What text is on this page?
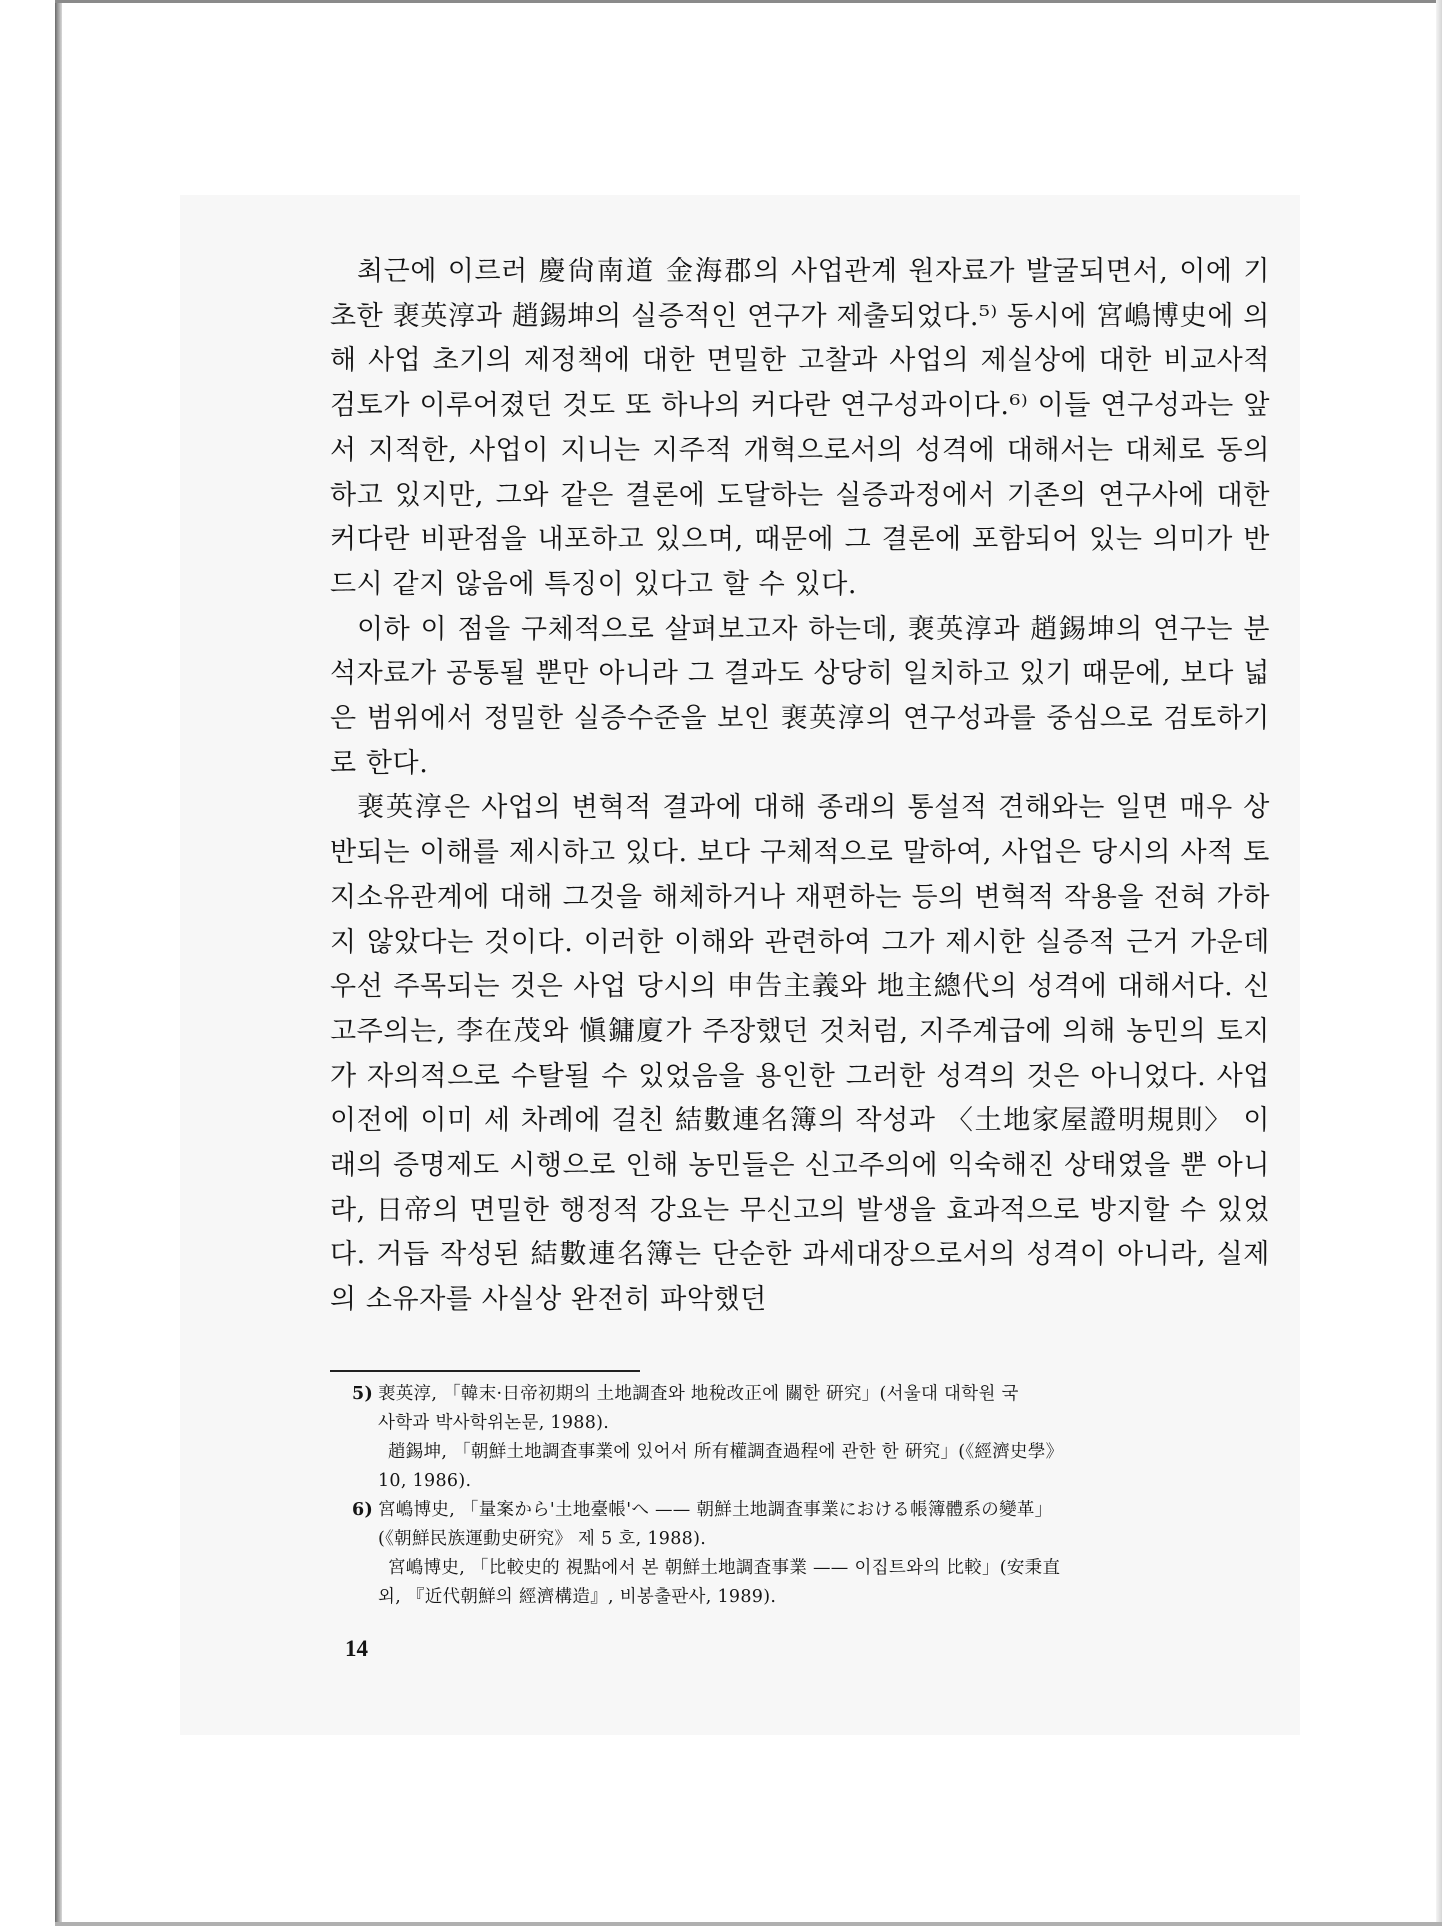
최근에 이르러 慶尙南道 金海郡의 사업관계 원자료가 발굴되면서, 이에 기초한 裵英淳과 趙錫坤의 실증적인 연구가 제출되었다.⁵⁾ 동시에 宮嶋博史에 의해 사업 초기의 제정책에 대한 면밀한 고찰과 사업의 제실상에 대한 비교사적 검토가 이루어졌던 것도 또 하나의 커다란 연구성과이다.⁶⁾ 이들 연구성과는 앞서 지적한, 사업이 지니는 지주적 개혁으로서의 성격에 대해서는 대체로 동의하고 있지만, 그와 같은 결론에 도달하는 실증과정에서 기존의 연구사에 대한 커다란 비판점을 내포하고 있으며, 때문에 그 결론에 포함되어 있는 의미가 반드시 같지 않음에 특징이 있다고 할 수 있다.

이하 이 점을 구체적으로 살펴보고자 하는데, 裵英淳과 趙錫坤의 연구는 분석자료가 공통될 뿐만 아니라 그 결과도 상당히 일치하고 있기 때문에, 보다 넓은 범위에서 정밀한 실증수준을 보인 裵英淳의 연구성과를 중심으로 검토하기로 한다.

裵英淳은 사업의 변혁적 결과에 대해 종래의 통설적 견해와는 일면 매우 상반되는 이해를 제시하고 있다. 보다 구체적으로 말하여, 사업은 당시의 사적 토지소유관계에 대해 그것을 해체하거나 재편하는 등의 변혁적 작용을 전혀 가하지 않았다는 것이다. 이러한 이해와 관련하여 그가 제시한 실증적 근거 가운데 우선 주목되는 것은 사업 당시의 申告主義와 地主總代의 성격에 대해서다. 신고주의는, 李在茂와 愼鏞廈가 주장했던 것처럼, 지주계급에 의해 농민의 토지가 자의적으로 수탈될 수 있었음을 용인한 그러한 성격의 것은 아니었다. 사업 이전에 이미 세 차례에 걸친 結數連名簿의 작성과 〈土地家屋證明規則〉 이래의 증명제도 시행으로 인해 농민들은 신고주의에 익숙해진 상태였을 뿐 아니라, 日帝의 면밀한 행정적 강요는 무신고의 발생을 효과적으로 방지할 수 있었다. 거듭 작성된 結數連名簿는 단순한 과세대장으로서의 성격이 아니라, 실제의 소유자를 사실상 완전히 파악했던

5) 裵英淳, 「韓末·日帝初期의 土地調査와 地稅改正에 關한 硏究」(서울대 대학원 국
사학과 박사학위논문, 1988).
趙錫坤, 「朝鮮土地調査事業에 있어서 所有權調査過程에 관한 한 硏究」(《經濟史學》
10, 1986).
6) 宮嶋博史, 「量案から'土地臺帳'へ —— 朝鮮土地調査事業における帳簿體系の變革」
(《朝鮮民族運動史硏究》 제 5 호, 1988).
宮嶋博史, 「比較史的 視點에서 본 朝鮮土地調査事業 —— 이집트와의 比較」(安秉直
외, 『近代朝鮮의 經濟構造』, 비봉출판사, 1989).
14
